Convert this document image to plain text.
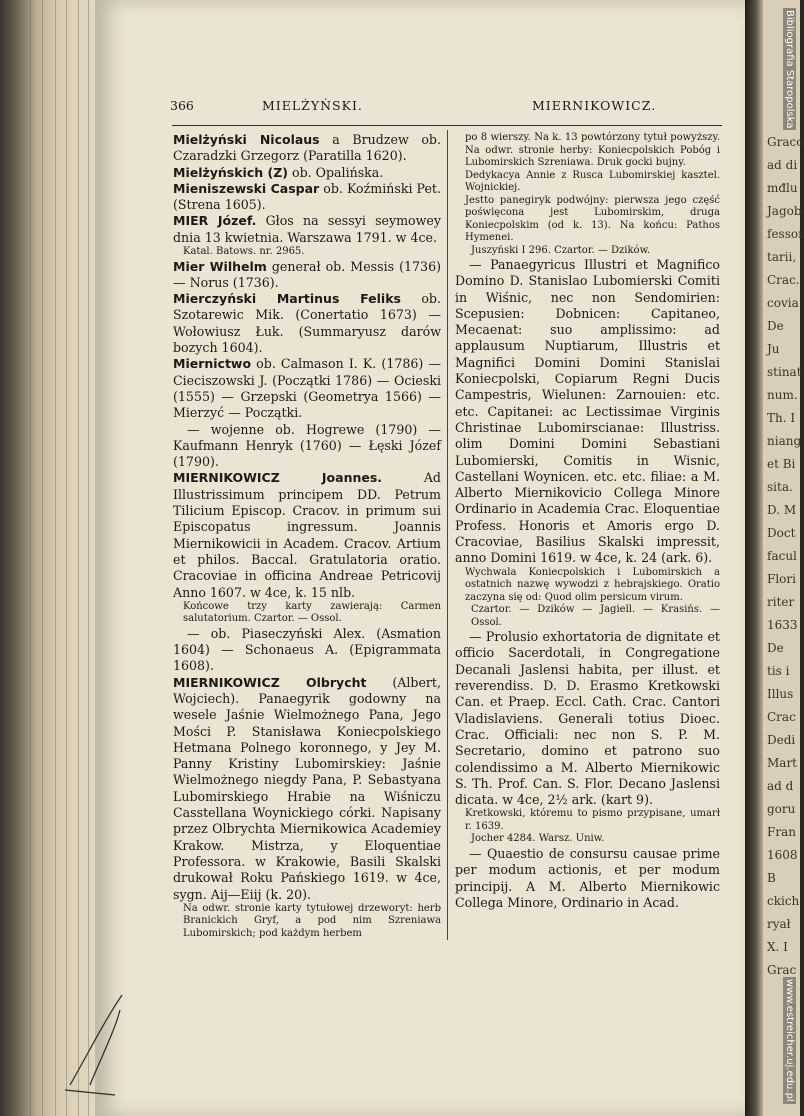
366	MIELŻYŃSKI.	MIERNIKOWICZ.

Mielżyński Nicolaus a Brudzew ob. Czaradzki Grzegorz (Paratilla 1620).

Mielżyńskich (Z) ob. Opalińska.

Mieniszewski Caspar ob. Koźmiński Pet. (Strena 1605).

MIER Józef. Głos na sessyi seymowey dnia 13 kwietnia. Warszawa 1791. w 4ce.

Katal. Batows. nr. 2965.

Mier Wilhelm generał ob. Messis (1736) — Norus (1736).

Mierczyński Martinus Feliks ob. Szotarewic Mik. (Conertatio 1673) — Wołowiusz Łuk. (Summaryusz darów bozych 1604).

Miernictwo ob. Calmason I. K. (1786) — Cieciszowski J. (Początki 1786) — Ocieski (1555) — Grzepski (Geometrya 1566) — Mierzyć — Początki.

— wojenne ob. Hogrewe (1790) — Kaufmann Henryk (1760) — Łęski Józef (1790).

MIERNIKOWICZ Joannes. Ad Illustrissimum principem DD. Petrum Tilicium Episcop. Cracov. in primum sui Episcopatus ingressum. Joannis Miernikowicii in Academ. Cracov. Artium et philos. Baccal. Gratulatoria oratio. Cracoviae in officina Andreae Petricovij Anno 1607. w 4ce, k. 15 nlb.

Końcowe trzy karty zawierają: Carmen salutatorium. Czartor. — Ossol.

— ob. Piaseczyński Alex. (Asmation 1604) — Schonaeus A. (Epigrammata 1608).

MIERNIKOWICZ Olbrycht (Albert, Wojciech). Panaegyrik godowny na wesele Jaśnie Wielmożnego Pana, Jego Mości P. Stanisława Koniecpolskiego Hetmana Polnego koronnego, y Jey M. Panny Kristiny Lubomirskiey: Jaśnie Wielmożnego niegdy Pana, P. Sebastyana Lubomirskiego Hrabie na Wiśniczu Casstellana Woynickiego córki. Napisany przez Olbrychta Miernikowica Academiey Krakow. Mistrza, y Eloquentiae Professora. w Krakowie, Basili Skalski drukował Roku Pańskiego 1619. w 4ce, sygn. Aij—Eiij (k. 20).

Na odwr. stronie karty tytułowej drzeworyt: herb Branickich Gryf, a pod nim Szreniawa Lubomirskich; pod każdym herbem

po 8 wierszy. Na k. 13 powtórzony tytuł powyższy. Na odwr. stronie herby: Koniecpolskich Pobóg i Lubomirskich Szreniawa. Druk gocki bujny.

Dedykacya Annie z Rusca Lubomirskiej kasztel. Wojnickiej.

Jestto panegiryk podwójny: pierwsza jego część poświęcona jest Lubomirskim, druga Koniecpolskim (od k. 13). Na końcu: Pathos Hymenei.

Juszyński I 296. Czartor. — Dzików.

— Panaegyricus Illustri et Magnifico Domino D. Stanislao Lubomierski Comiti in Wiśnic, nec non Sendomirien: Scepusien: Dobnicen: Capitaneo, Mecaenat: suo amplissimo: ad applausum Nuptiarum, Illustris et Magnifici Domini Domini Stanislai Koniecpolski, Copiarum Regni Ducis Campestris, Wielunen: Zarnouien: etc. etc. Capitanei: ac Lectissimae Virginis Christinae Lubomirscianae: Illustriss. olim Domini Domini Sebastiani Lubomierski, Comitis in Wisnic, Castellani Woynicen. etc. etc. filiae: a M. Alberto Miernikovicio Collega Minore Ordinario in Academia Crac. Eloquentiae Profess. Honoris et Amoris ergo D. Cracoviae, Basilius Skalski impressit, anno Domini 1619. w 4ce, k. 24 (ark. 6).

Wychwala Koniecpolskich i Lubomirskich a ostatnich nazwę wywodzi z hebrajskiego. Oratio zaczyna się od: Quod olim persicum virum.

Czartor. — Dzików — Jagiell. — Krasińs. — Ossol.

— Prolusio exhortatoria de dignitate et officio Sacerdotali, in Congregatione Decanali Jaslensi habita, per illust. et reverendiss. D. D. Erasmo Kretkowski Can. et Praep. Eccl. Cath. Crac. Cantori Vladislaviens. Generali totius Dioec. Crac. Officiali: nec non S. P. M. Secretario, domino et patrono suo colendissimo a M. Alberto Miernikowic S. Th. Prof. Can. S. Flor. Decano Jaslensi dicata. w 4ce, 2½ ark. (kart 9).

Kretkowski, któremu to pismo przypisane, umarł r. 1639.

Jocher 4284. Warsz. Uniw.

— Quaestio de consursu causae prime per modum actionis, et per modum principij. A M. Alberto Miernikowic Collega Minore, Ordinario in Acad.

Graco
ad di
mđlu
Jagob
fessor
tarii,
Crac.
covia
De
Ju
stinat
num.
Th. I
niang
et Bi
sita.
D. M
Doct
facul
Flori
riter
1633
De
tis i
Illus
Crac
Dedi
Mart
ad d
goru
Fran
1608
B
ckich
ryał
X. I
Grac
Bibliografia Staropolska
www.estreicher.uj.edu.pl
